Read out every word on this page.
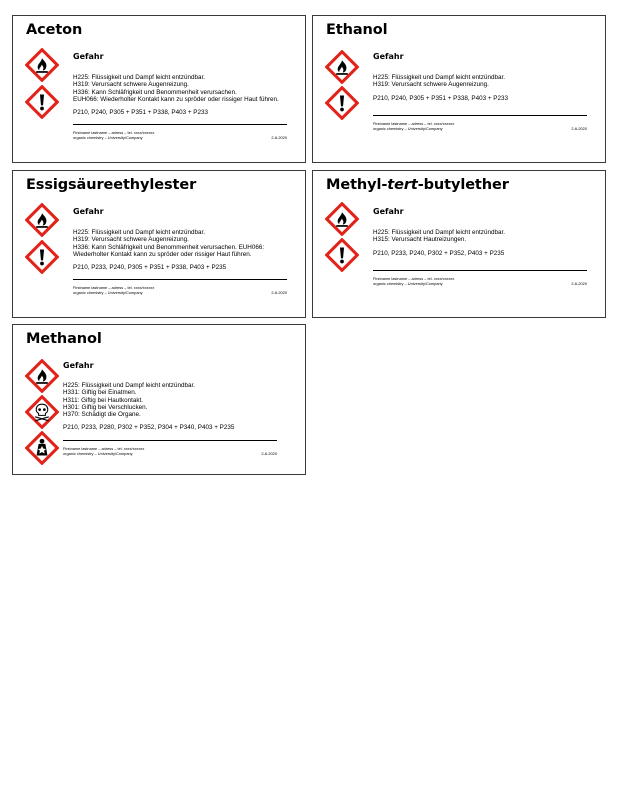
Aceton
Gefahr
H225: Flüssigkeit und Dampf leicht entzündbar.
H319: Verursacht schwere Augenreizung.
H336: Kann Schläfrigkeit und Benommenheit verursachen.
EUH066: Wiederholter Kontakt kann zu spröder oder rissiger Haut führen.
P210, P240, P305 + P351 + P338, P403 + P233
Firstname lastname – adress – tel. xxxx/xxxxxx
organic chemistry – University/Company	2-6-2020
Ethanol
Gefahr
H225: Flüssigkeit und Dampf leicht entzündbar.
H319: Verursacht schwere Augenreizung.
P210, P240, P305 + P351 + P338, P403 + P233
Firstname lastname – adress – tel. xxxx/xxxxxx
organic chemistry – University/Company	2-6-2020
Essigsäureethylester
Gefahr
H225: Flüssigkeit und Dampf leicht entzündbar.
H319: Verursacht schwere Augenreizung.
H336: Kann Schläfrigkeit und Benommenheit verursachen. EUH066: Wiederholter Kontakt kann zu spröder oder rissiger Haut führen.
P210, P233, P240, P305 + P351 + P338, P403 + P235
Firstname lastname – adress – tel. xxxx/xxxxxx
organic chemistry – University/Company	2-6-2020
Methyl-tert-butylether
Gefahr
H225: Flüssigkeit und Dampf leicht entzündbar.
H315: Verursacht Hautreizungen.
P210, P233, P240, P302 + P352, P403 + P235
Firstname lastname – adress – tel. xxxx/xxxxxx
organic chemistry – University/Company	2-6-2020
Methanol
Gefahr
H225: Flüssigkeit und Dampf leicht entzündbar.
H331: Giftig bei Einatmen.
H311: Giftig bei Hautkontakt.
H301: Giftig bei Verschlucken.
H370: Schädigt die Organe.
P210, P233, P280, P302 + P352, P304 + P340, P403 + P235
Firstname lastname – adress – tel. xxxx/xxxxxx
organic chemistry – University/Company	2-6-2020
